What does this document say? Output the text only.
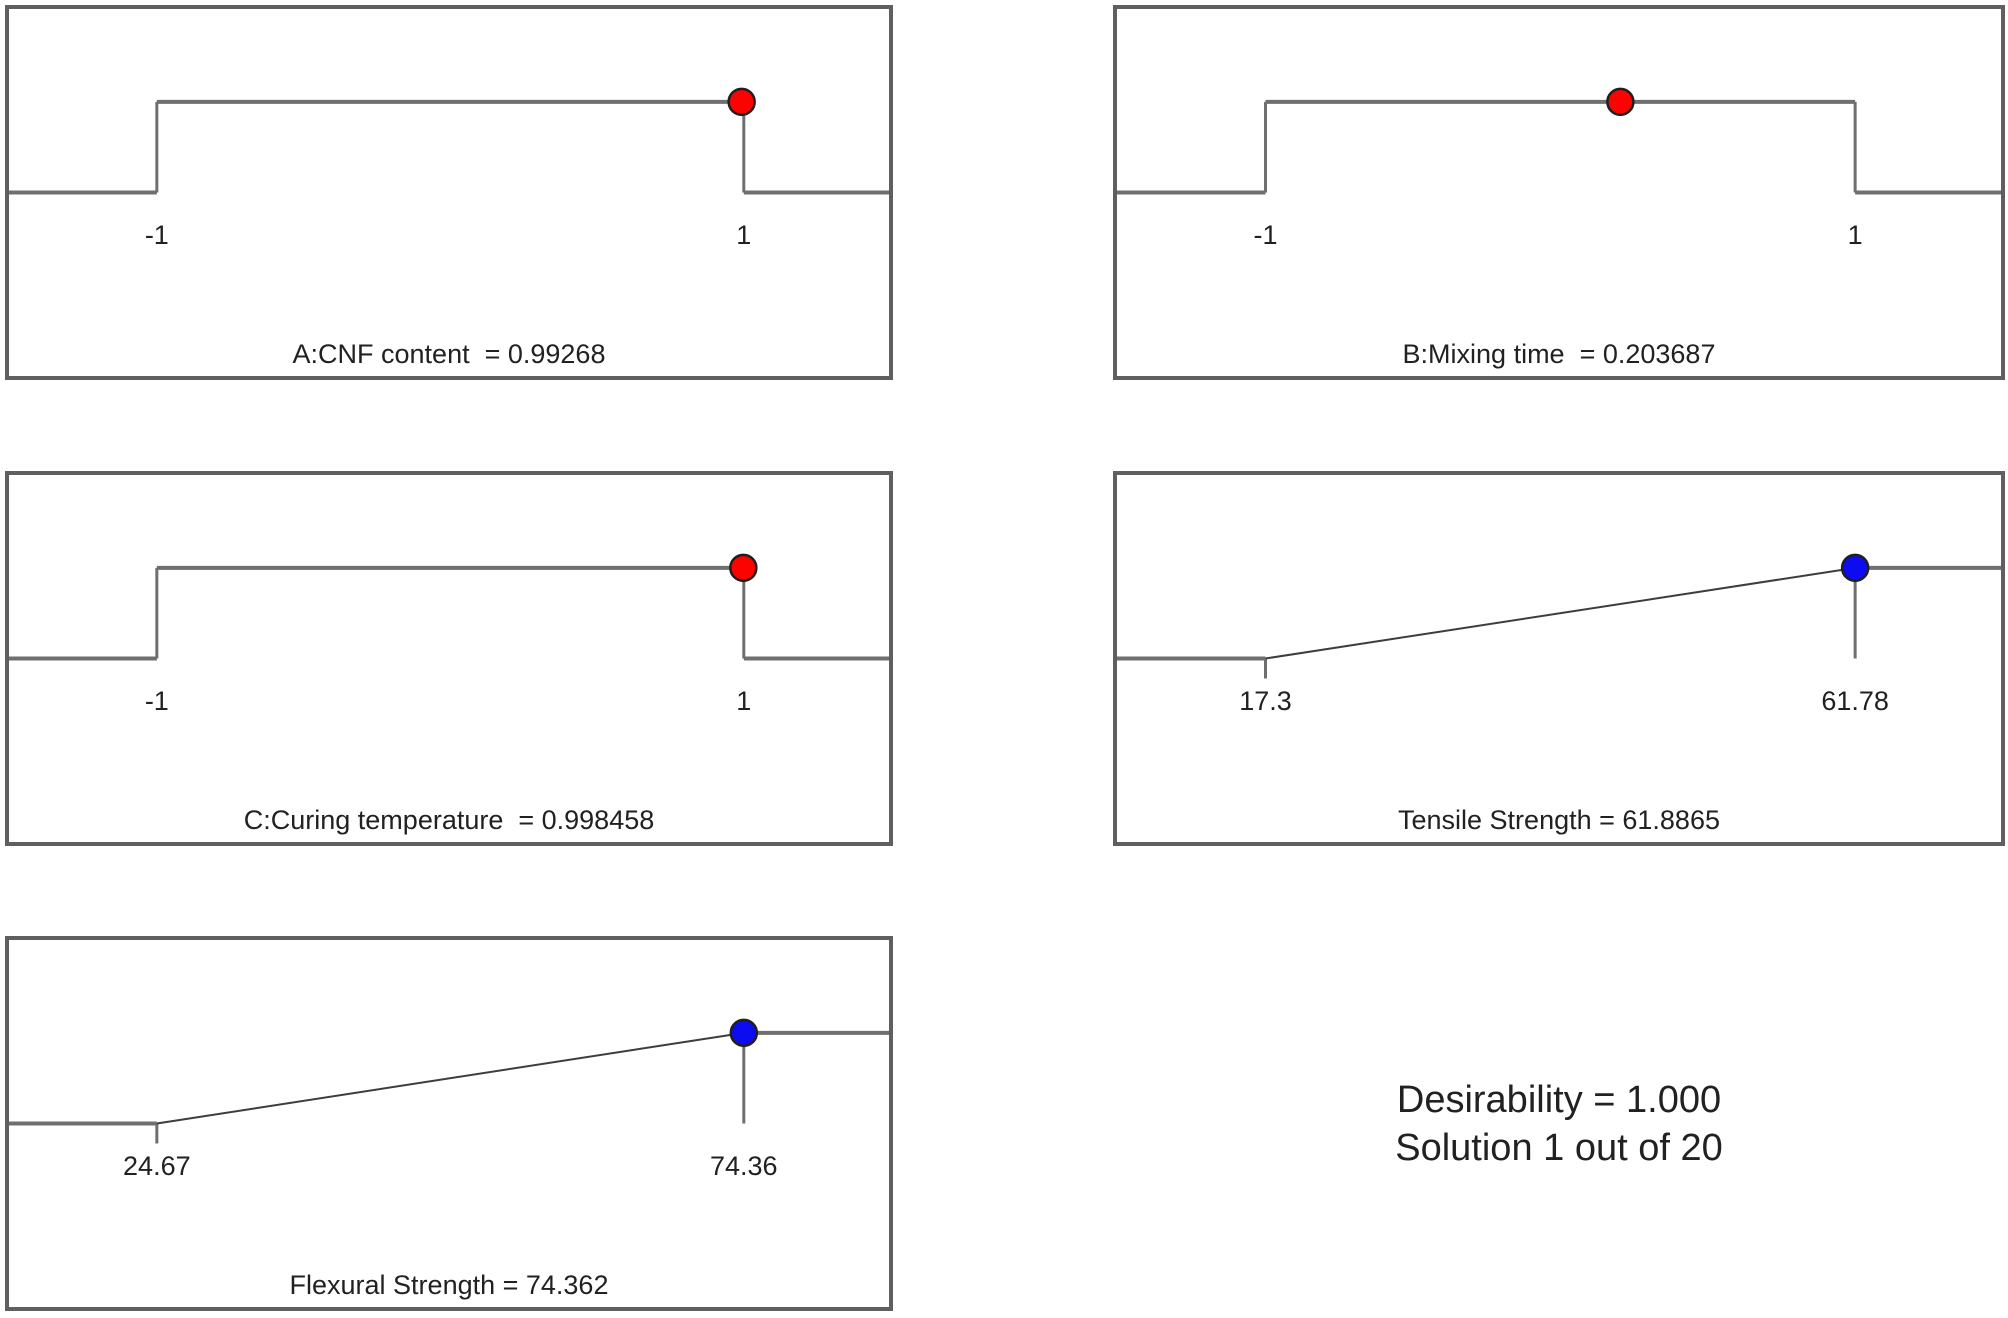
-1	1
A:CNF content  = 0.99268
-1	1
B:Mixing time  = 0.203687
-1	1
C:Curing temperature  = 0.998458
17.3	61.78
Tensile Strength = 61.8865
24.67	74.36
Flexural Strength = 74.362
Desirability = 1.000
Solution 1 out of 20
